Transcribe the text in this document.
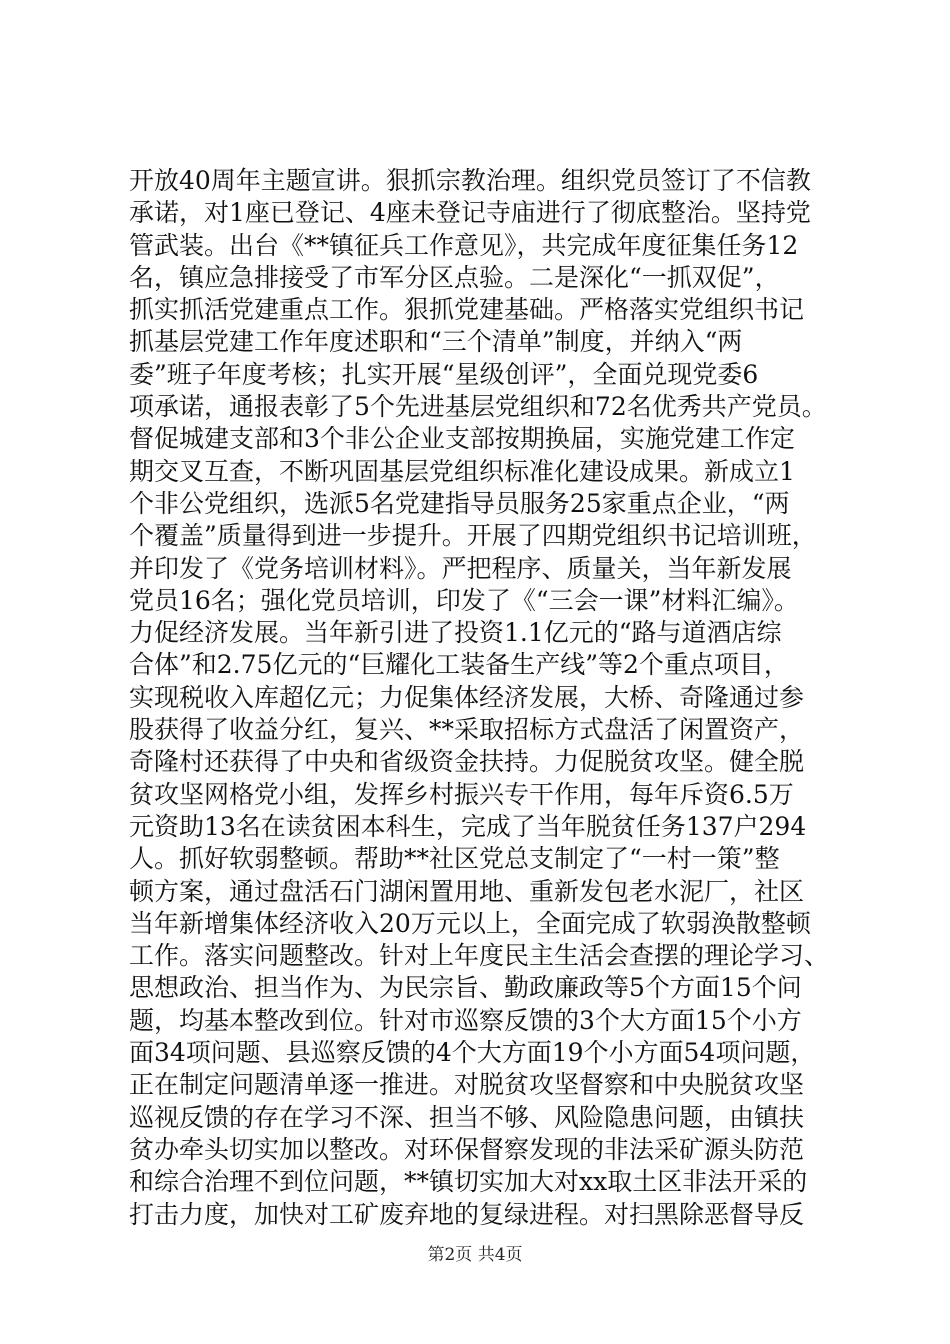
开放40周年主题宣讲。狠抓宗教治理。组织党员签订了不信教
承诺，对1座已登记、4座未登记寺庙进行了彻底整治。坚持党
管武装。出台《**镇征兵工作意见》，共完成年度征集任务12
名，镇应急排接受了市军分区点验。二是深化“一抓双促”，
抓实抓活党建重点工作。狠抓党建基础。严格落实党组织书记
抓基层党建工作年度述职和“三个清单”制度，并纳入“两
委”班子年度考核；扎实开展“星级创评”，全面兑现党委6
项承诺，通报表彰了5个先进基层党组织和72名优秀共产党员。
督促城建支部和3个非公企业支部按期换届，实施党建工作定
期交叉互查，不断巩固基层党组织标准化建设成果。新成立1
个非公党组织，选派5名党建指导员服务25家重点企业，“两
个覆盖”质量得到进一步提升。开展了四期党组织书记培训班，
并印发了《党务培训材料》。严把程序、质量关，当年新发展
党员16名；强化党员培训，印发了《“三会一课”材料汇编》。
力促经济发展。当年新引进了投资1.1亿元的“路与道酒店综
合体”和2.75亿元的“巨耀化工装备生产线”等2个重点项目，
实现税收入库超亿元；力促集体经济发展，大桥、奇隆通过参
股获得了收益分红，复兴、**采取招标方式盘活了闲置资产，
奇隆村还获得了中央和省级资金扶持。力促脱贫攻坚。健全脱
贫攻坚网格党小组，发挥乡村振兴专干作用，每年斥资6.5万
元资助13名在读贫困本科生，完成了当年脱贫任务137户294
人。抓好软弱整顿。帮助**社区党总支制定了“一村一策”整
顿方案，通过盘活石门湖闲置用地、重新发包老水泥厂，社区
当年新增集体经济收入20万元以上，全面完成了软弱涣散整顿
工作。落实问题整改。针对上年度民主生活会查摆的理论学习、
思想政治、担当作为、为民宗旨、勤政廉政等5个方面15个问
题，均基本整改到位。针对市巡察反馈的3个大方面15个小方
面34项问题、县巡察反馈的4个大方面19个小方面54项问题，
正在制定问题清单逐一推进。对脱贫攻坚督察和中央脱贫攻坚
巡视反馈的存在学习不深、担当不够、风险隐患问题，由镇扶
贫办牵头切实加以整改。对环保督察发现的非法采矿源头防范
和综合治理不到位问题，**镇切实加大对xx取土区非法开采的
打击力度，加快对工矿废弃地的复绿进程。对扫黑除恶督导反
第2页 共4页
